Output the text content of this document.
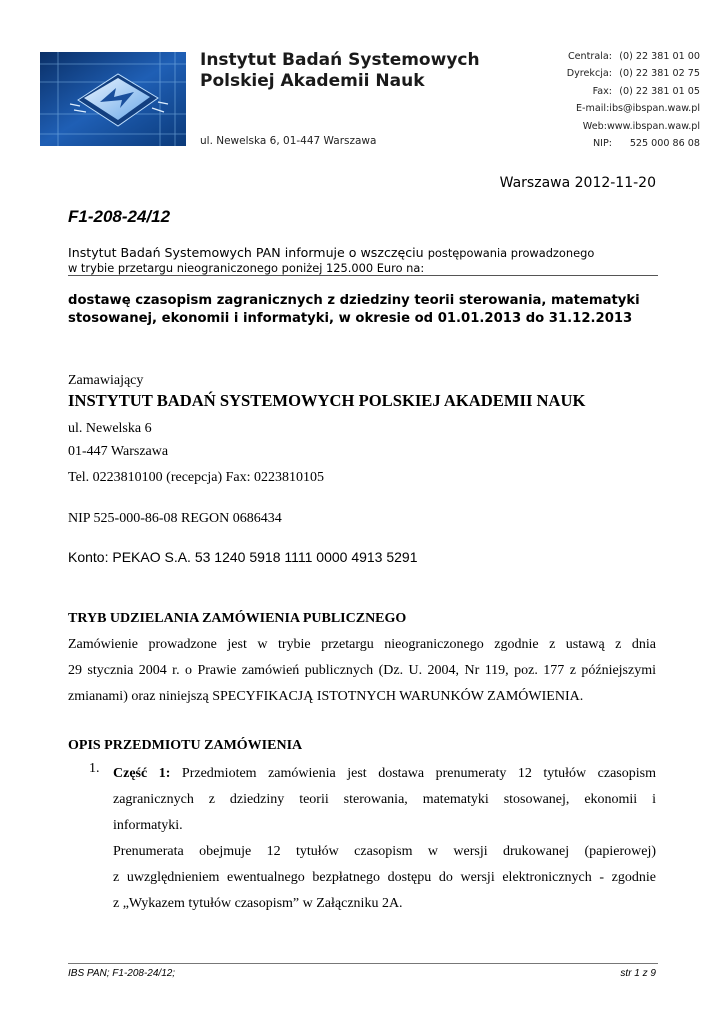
Instytut Badań Systemowych
Polskiej Akademii Nauk
ul. Newelska 6, 01-447 Warszawa
Centrala: (0) 22 381 01 00
Dyrekcja: (0) 22 381 02 75
Fax: (0) 22 381 01 05
E-mail: ibs@ibspan.waw.pl
Web: www.ibspan.waw.pl
NIP: 525 000 86 08
Warszawa 2012-11-20
F1-208-24/12
Instytut Badań Systemowych PAN informuje o wszczęciu postępowania prowadzonego
w trybie przetargu nieograniczonego poniżej 125.000 Euro na:
dostawę czasopism zagranicznych z dziedziny teorii sterowania, matematyki
stosowanej, ekonomii i informatyki, w okresie od 01.01.2013 do 31.12.2013
Zamawiający
INSTYTUT BADAŃ SYSTEMOWYCH POLSKIEJ AKADEMII NAUK
ul. Newelska 6
01-447 Warszawa
Tel. 0223810100 (recepcja) Fax: 0223810105
NIP 525-000-86-08 REGON 0686434
Konto: PEKAO S.A. 53 1240 5918 1111 0000 4913 5291
TRYB UDZIELANIA ZAMÓWIENIA PUBLICZNEGO
Zamówienie prowadzone jest w trybie przetargu nieograniczonego zgodnie z ustawą z dnia
29 stycznia 2004 r. o Prawie zamówień publicznych (Dz. U. 2004, Nr 119, poz. 177 z późniejszymi
zmianami) oraz niniejszą SPECYFIKACJĄ ISTOTNYCH WARUNKÓW ZAMÓWIENIA.
OPIS PRZEDMIOTU ZAMÓWIENIA
1. Część 1: Przedmiotem zamówienia jest dostawa prenumeraty 12 tytułów czasopism
zagranicznych z dziedziny teorii sterowania, matematyki stosowanej, ekonomii i
informatyki.
Prenumerata obejmuje 12 tytułów czasopism w wersji drukowanej (papierowej)
z uwzględnieniem ewentualnego bezpłatnego dostępu do wersji elektronicznych - zgodnie
z „Wykazem tytułów czasopism” w Załączniku 2A.
IBS PAN; F1-208-24/12;	str 1 z 9
